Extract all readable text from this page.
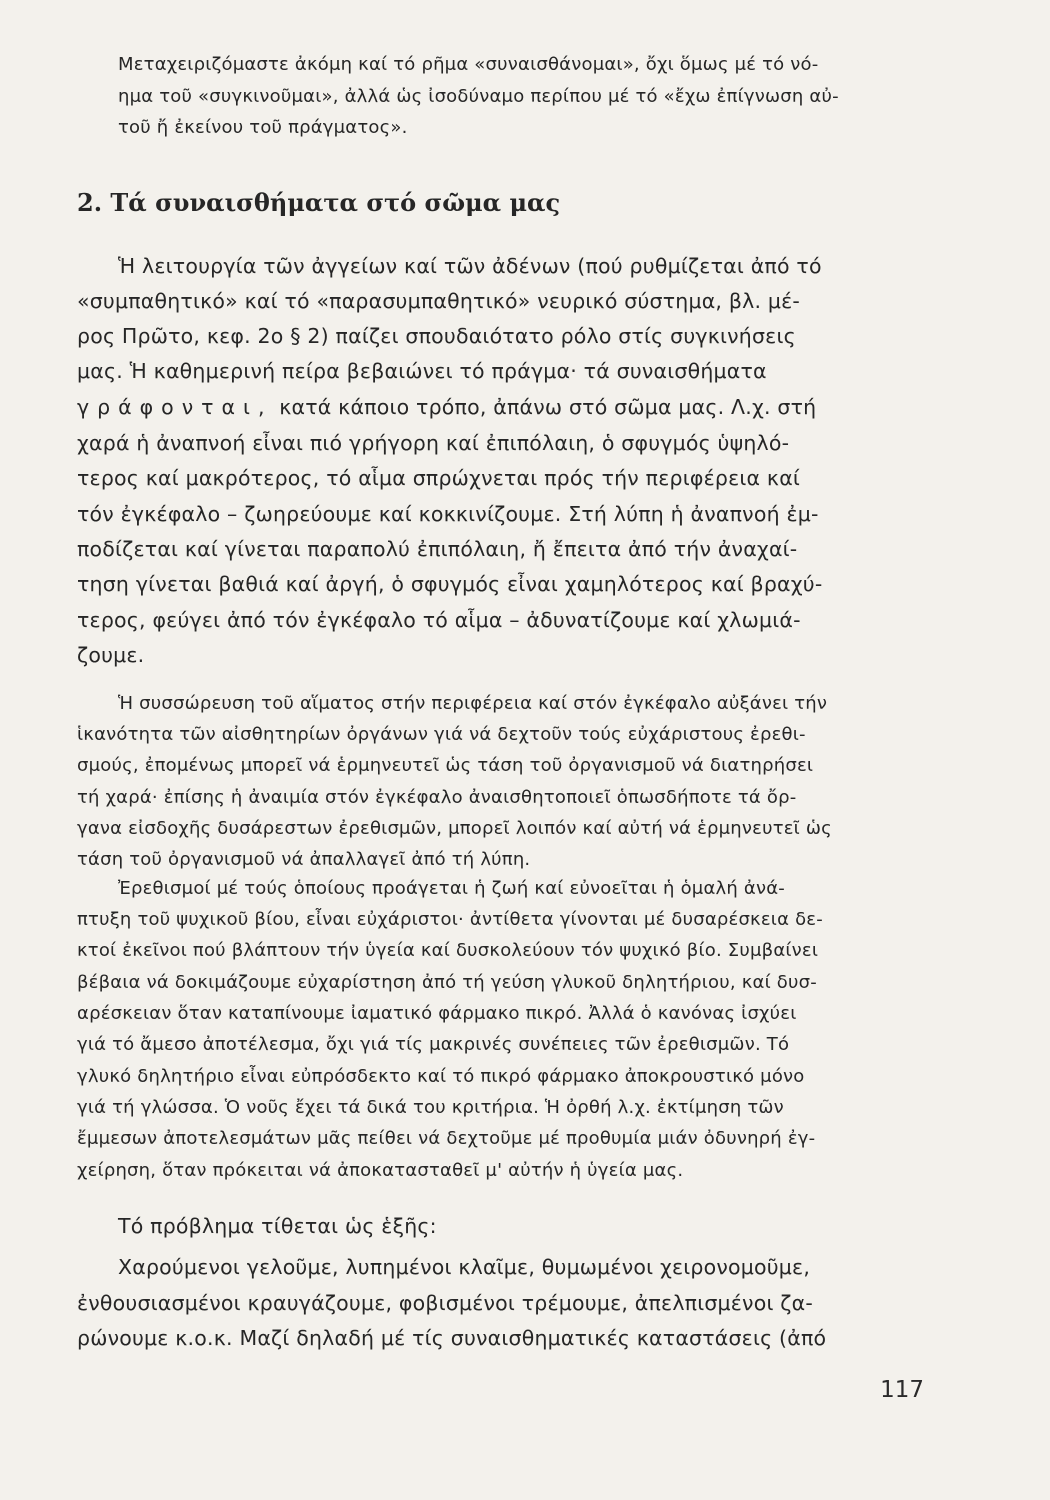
Μεταχειριζόμαστε ἀκόμη καί τό ρῆμα «συναισθάνομαι», ὄχι ὅμως μέ τό νό-

ημα τοῦ «συγκινοῦμαι», ἀλλά ὡς ἰσοδύναμο περίπου μέ τό «ἔχω ἐπίγνωση αὐ-

τοῦ ἤ ἐκείνου τοῦ πράγματος».

2. Τά συναισθήματα στό σῶμα μας

Ἡ λειτουργία τῶν ἀγγείων καί τῶν ἀδένων (πού ρυθμίζεται ἀπό τό

«συμπαθητικό» καί τό «παρασυμπαθητικό» νευρικό σύστημα, βλ. μέ-

ρος Πρῶτο, κεφ. 2ο § 2) παίζει σπουδαιότατο ρόλο στίς συγκινήσεις

μας. Ἡ καθημερινή πείρα βεβαιώνει τό πράγμα· τά συναισθήματα

γράφονται, κατά κάποιο τρόπο, ἀπάνω στό σῶμα μας. Λ.χ. στή

χαρά ἡ ἀναπνοή εἶναι πιό γρήγορη καί ἐπιπόλαιη, ὁ σφυγμός ὑψηλό-

τερος καί μακρότερος, τό αἷμα σπρώχνεται πρός τήν περιφέρεια καί

τόν ἐγκέφαλο – ζωηρεύουμε καί κοκκινίζουμε. Στή λύπη ἡ ἀναπνοή ἐμ-

ποδίζεται καί γίνεται παραπολύ ἐπιπόλαιη, ἤ ἔπειτα ἀπό τήν ἀναχαί-

τηση γίνεται βαθιά καί ἀργή, ὁ σφυγμός εἶναι χαμηλότερος καί βραχύ-

τερος, φεύγει ἀπό τόν ἐγκέφαλο τό αἷμα – ἀδυνατίζουμε καί χλωμιά-

ζουμε.

Ἡ συσσώρευση τοῦ αἵματος στήν περιφέρεια καί στόν ἐγκέφαλο αὐξάνει τήν

ἱκανότητα τῶν αἰσθητηρίων ὀργάνων γιά νά δεχτοῦν τούς εὐχάριστους ἐρεθι-

σμούς, ἐπομένως μπορεῖ νά ἑρμηνευτεῖ ὡς τάση τοῦ ὀργανισμοῦ νά διατηρήσει

τή χαρά· ἐπίσης ἡ ἀναιμία στόν ἐγκέφαλο ἀναισθητοποιεῖ ὁπωσδήποτε τά ὄρ-

γανα εἰσδοχῆς δυσάρεστων ἐρεθισμῶν, μπορεῖ λοιπόν καί αὐτή νά ἑρμηνευτεῖ ὡς

τάση τοῦ ὀργανισμοῦ νά ἀπαλλαγεῖ ἀπό τή λύπη.

Ἐρεθισμοί μέ τούς ὁποίους προάγεται ἡ ζωή καί εὐνοεῖται ἡ ὁμαλή ἀνά-

πτυξη τοῦ ψυχικοῦ βίου, εἶναι εὐχάριστοι· ἀντίθετα γίνονται μέ δυσαρέσκεια δε-

κτοί ἐκεῖνοι πού βλάπτουν τήν ὑγεία καί δυσκολεύουν τόν ψυχικό βίο. Συμβαίνει

βέβαια νά δοκιμάζουμε εὐχαρίστηση ἀπό τή γεύση γλυκοῦ δηλητήριου, καί δυσ-

αρέσκειαν ὅταν καταπίνουμε ἰαματικό φάρμακο πικρό. Ἀλλά ὁ κανόνας ἰσχύει

γιά τό ἄμεσο ἀποτέλεσμα, ὄχι γιά τίς μακρινές συνέπειες τῶν ἐρεθισμῶν. Τό

γλυκό δηλητήριο εἶναι εὐπρόσδεκτο καί τό πικρό φάρμακο ἀποκρουστικό μόνο

γιά τή γλώσσα. Ὁ νοῦς ἔχει τά δικά του κριτήρια. Ἡ ὀρθή λ.χ. ἐκτίμηση τῶν

ἔμμεσων ἀποτελεσμάτων μᾶς πείθει νά δεχτοῦμε μέ προθυμία μιάν ὀδυνηρή ἐγ-

χείρηση, ὅταν πρόκειται νά ἀποκατασταθεῖ μ' αὐτήν ἡ ὑγεία μας.

Τό πρόβλημα τίθεται ὡς ἑξῆς:

Χαρούμενοι γελοῦμε, λυπημένοι κλαῖμε, θυμωμένοι χειρονομοῦμε,

ἐνθουσιασμένοι κραυγάζουμε, φοβισμένοι τρέμουμε, ἀπελπισμένοι ζα-

ρώνουμε κ.ο.κ. Μαζί δηλαδή μέ τίς συναισθηματικές καταστάσεις (ἀπό

117
